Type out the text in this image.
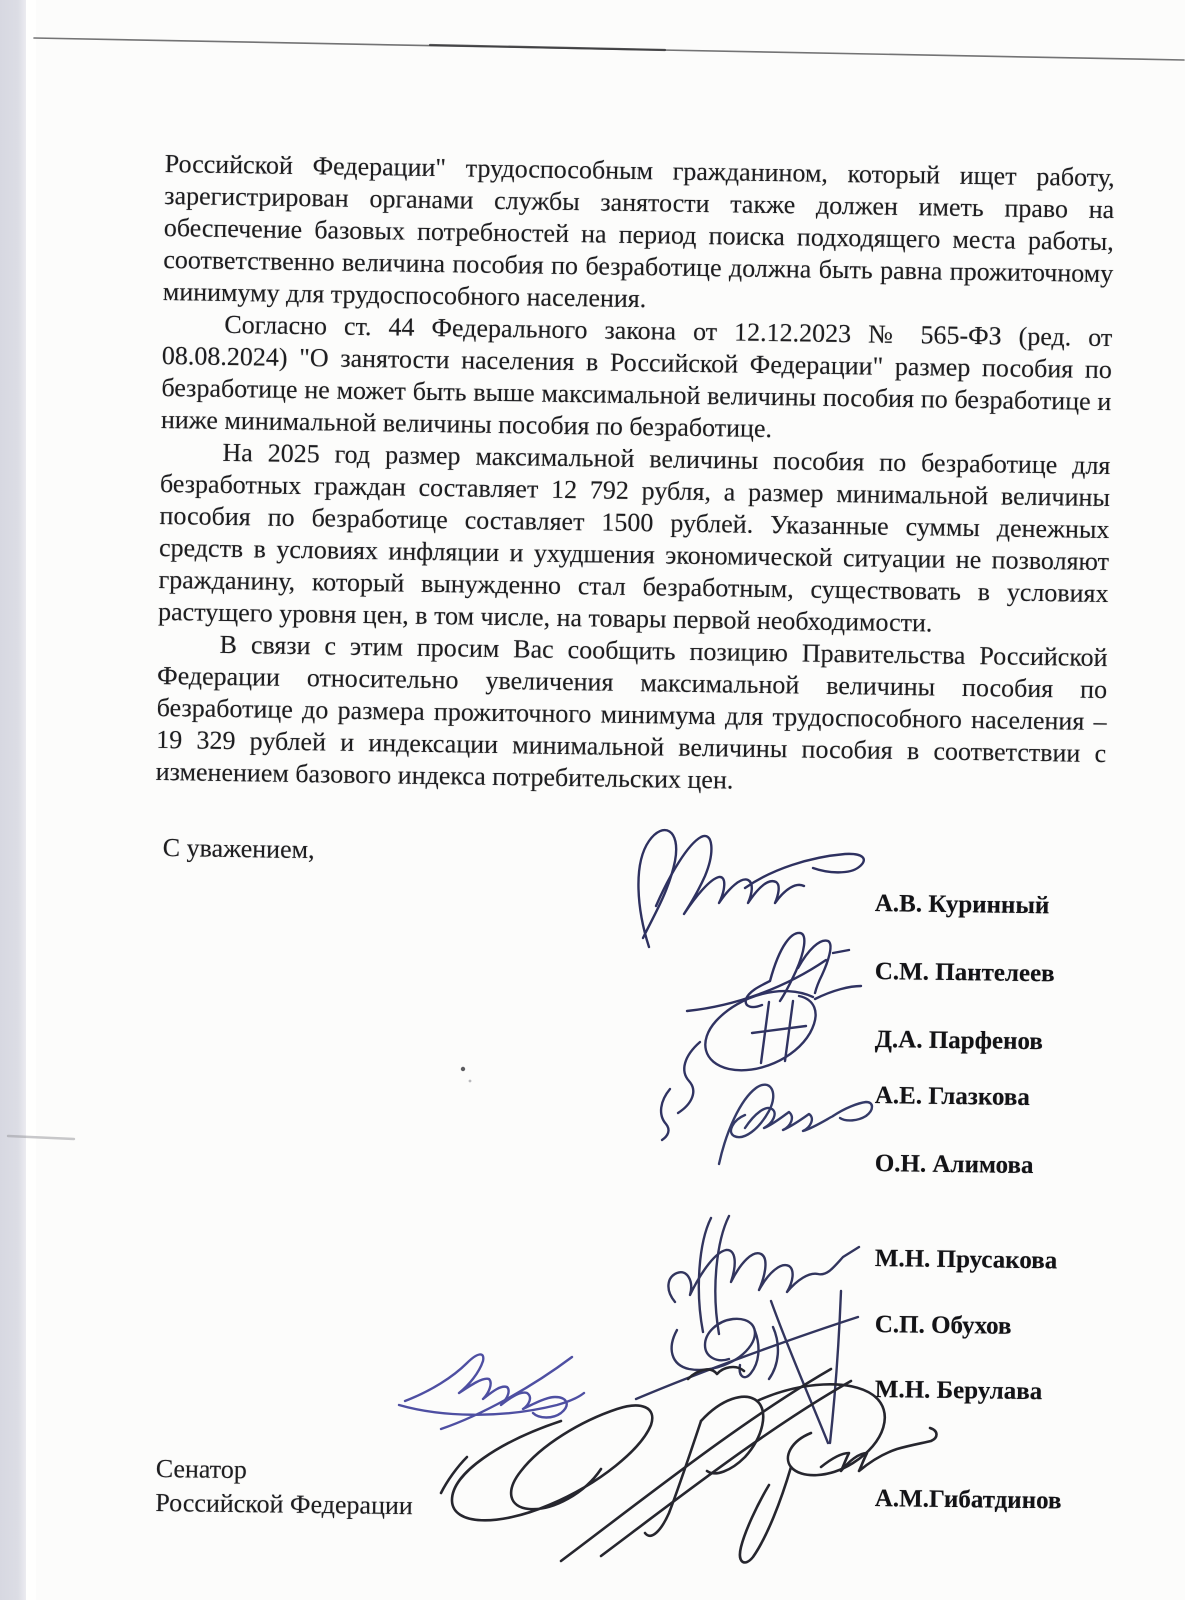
Российской Федерации" трудоспособным гражданином, который ищет работу, зарегистрирован органами службы занятости также должен иметь право на обеспечение базовых потребностей на период поиска подходящего места работы, соответственно величина пособия по безработице должна быть равна прожиточному минимуму для трудоспособного населения.

Согласно ст. 44 Федерального закона от 12.12.2023 № 565-ФЗ (ред. от 08.08.2024) "О занятости населения в Российской Федерации" размер пособия по безработице не может быть выше максимальной величины пособия по безработице и ниже минимальной величины пособия по безработице.

На 2025 год размер максимальной величины пособия по безработице для безработных граждан составляет 12 792 рубля, а размер минимальной величины пособия по безработице составляет 1500 рублей. Указанные суммы денежных средств в условиях инфляции и ухудшения экономической ситуации не позволяют гражданину, который вынужденно стал безработным, существовать в условиях растущего уровня цен, в том числе, на товары первой необходимости.

В связи с этим просим Вас сообщить позицию Правительства Российской Федерации относительно увеличения максимальной величины пособия по безработице до размера прожиточного минимума для трудоспособного населения – 19 329 рублей и индексации минимальной величины пособия в соответствии с изменением базового индекса потребительских цен.

С уважением,
А.В. Куринный
С.М. Пантелеев
Д.А. Парфенов
А.Е. Глазкова
О.Н. Алимова
М.Н. Прусакова
С.П. Обухов
М.Н. Берулава
А.М.Гибатдинов
Сенатор
Российской Федерации
